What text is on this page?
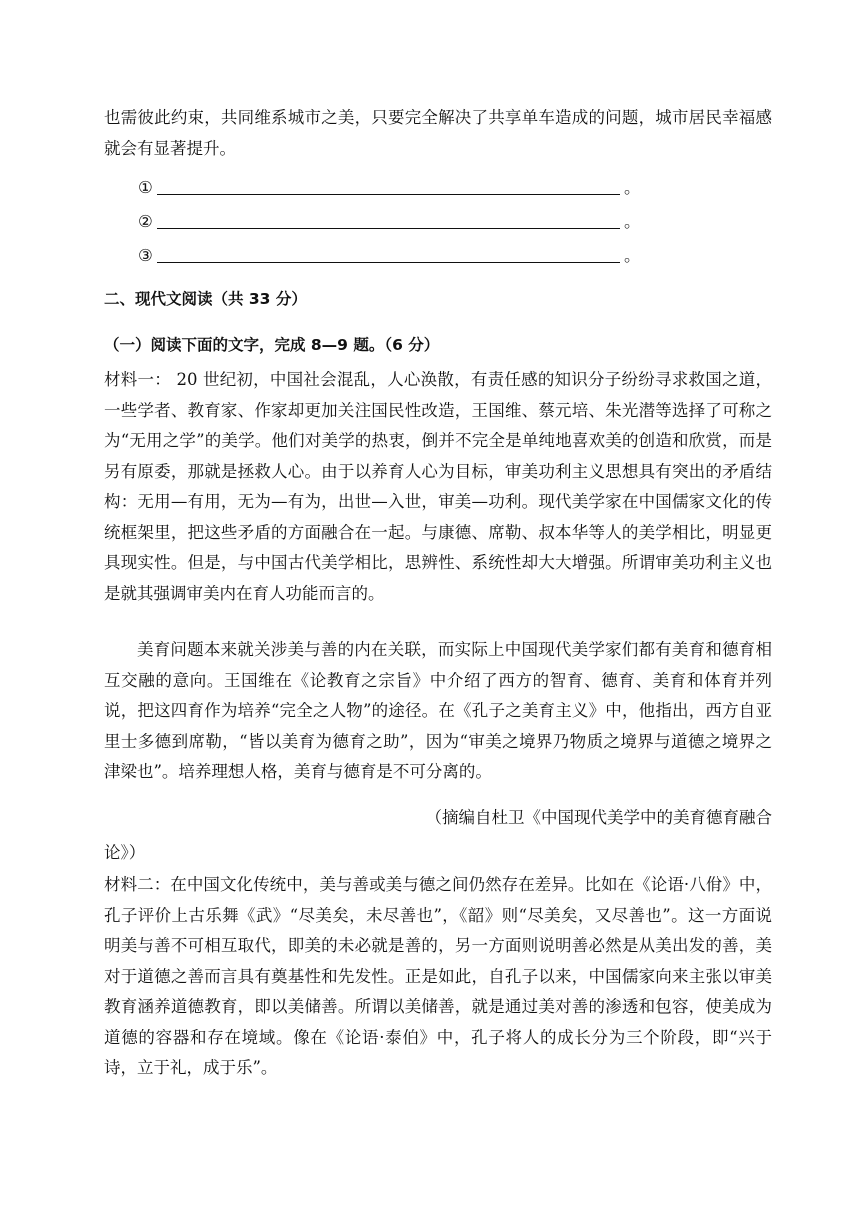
也需彼此约束，共同维系城市之美，只要完全解决了共享单车造成的问题，城市居民幸福感就会有显著提升。

①	。
②	。
③	。
二、现代文阅读（共 33 分）
（一）阅读下面的文字，完成 8—9 题。（6 分）

材料一： 20 世纪初，中国社会混乱，人心涣散，有责任感的知识分子纷纷寻求救国之道，一些学者、教育家、作家却更加关注国民性改造，王国维、蔡元培、朱光潜等选择了可称之为“无用之学”的美学。他们对美学的热衷，倒并不完全是单纯地喜欢美的创造和欣赏，而是另有原委，那就是拯救人心。由于以养育人心为目标，审美功利主义思想具有突出的矛盾结构：无用—有用，无为—有为，出世—入世，审美—功利。现代美学家在中国儒家文化的传统框架里，把这些矛盾的方面融合在一起。与康德、席勒、叔本华等人的美学相比，明显更具现实性。但是，与中国古代美学相比，思辨性、系统性却大大增强。所谓审美功利主义也是就其强调审美内在育人功能而言的。

美育问题本来就关涉美与善的内在关联，而实际上中国现代美学家们都有美育和德育相互交融的意向。王国维在《论教育之宗旨》中介绍了西方的智育、德育、美育和体育并列说，把这四育作为培养“完全之人物”的途径。在《孔子之美育主义》中，他指出，西方自亚里士多德到席勒，“皆以美育为德育之助”，因为“审美之境界乃物质之境界与道德之境界之津梁也”。培养理想人格，美育与德育是不可分离的。

（摘编自杜卫《中国现代美学中的美育德育融合
论》）

材料二：在中国文化传统中，美与善或美与德之间仍然存在差异。比如在《论语·八佾》中，孔子评价上古乐舞《武》“尽美矣，未尽善也”，《韶》则“尽美矣，又尽善也”。这一方面说明美与善不可相互取代，即美的未必就是善的，另一方面则说明善必然是从美出发的善，美对于道德之善而言具有奠基性和先发性。正是如此，自孔子以来，中国儒家向来主张以审美教育涵养道德教育，即以美储善。所谓以美储善，就是通过美对善的渗透和包容，使美成为道德的容器和存在境域。像在《论语·泰伯》中，孔子将人的成长分为三个阶段，即“兴于诗，立于礼，成于乐”。
